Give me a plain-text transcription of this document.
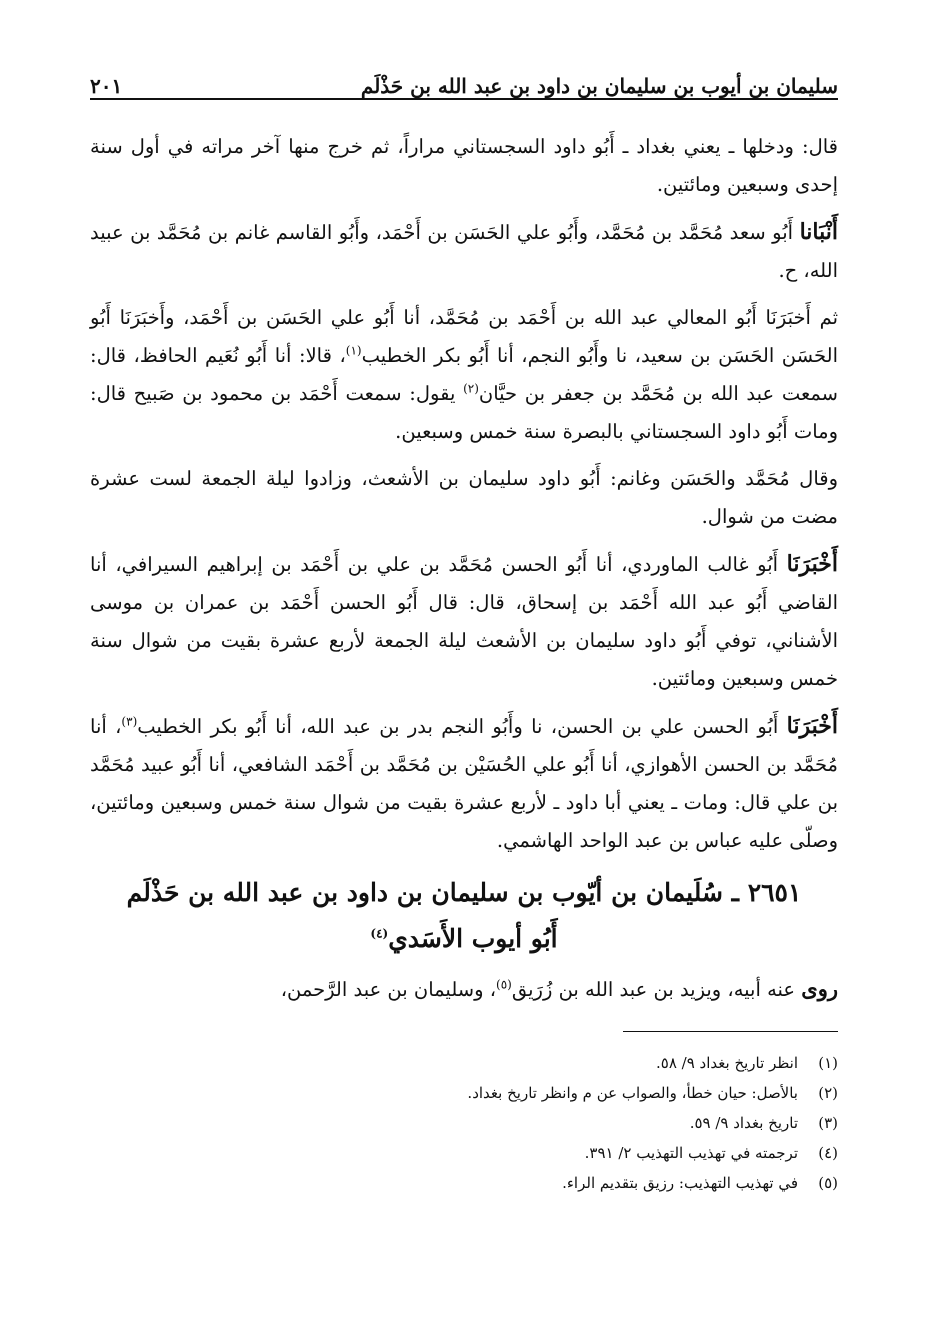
سليمان بن أيوب بن سليمان بن داود بن عبد الله بن حَذْلَم
٢٠١

قال: ودخلها ـ يعني بغداد ـ أَبُو داود السجستاني مراراً، ثم خرج منها آخر مراته في أول سنة إحدى وسبعين ومائتين.

أَنْبَانا أَبُو سعد مُحَمَّد بن مُحَمَّد، وأَبُو علي الحَسَن بن أَحْمَد، وأَبُو القاسم غانم بن مُحَمَّد بن عبيد الله، ح.

ثم أَخبَرَنَا أَبُو المعالي عبد الله بن أَحْمَد بن مُحَمَّد، أنا أَبُو علي الحَسَن بن أَحْمَد، وأَخبَرَنَا أَبُو الحَسَن الحَسَن بن سعيد، نا وأَبُو النجم، أنا أَبُو بكر الخطيب$^{(١)}$، قالا: أنا أَبُو نُعَيم الحافظ، قال: سمعت عبد الله بن مُحَمَّد بن جعفر بن حيَّان$^{(٢)}$ يقول: سمعت أَحْمَد بن محمود بن صَبيح قال: ومات أَبُو داود السجستاني بالبصرة سنة خمس وسبعين.

وقال مُحَمَّد والحَسَن وغانم: أَبُو داود سليمان بن الأشعث، وزادوا ليلة الجمعة لست عشرة مضت من شوال.

أَخْبَرَنَا أَبُو غالب الماوردي، أنا أَبُو الحسن مُحَمَّد بن علي بن أَحْمَد بن إبراهيم السيرافي، أنا القاضي أَبُو عبد الله أَحْمَد بن إسحاق، قال: قال أَبُو الحسن أَحْمَد بن عمران بن موسى الأشناني، توفي أَبُو داود سليمان بن الأشعث ليلة الجمعة لأربع عشرة بقيت من شوال سنة خمس وسبعين ومائتين.

أَخْبَرَنَا أَبُو الحسن علي بن الحسن، نا وأَبُو النجم بدر بن عبد الله، أنا أَبُو بكر الخطيب$^{(٣)}$، أنا مُحَمَّد بن الحسن الأهوازي، أنا أَبُو علي الحُسَيْن بن مُحَمَّد بن أَحْمَد الشافعي، أنا أَبُو عبيد مُحَمَّد بن علي قال: ومات ـ يعني أبا داود ـ لأربع عشرة بقيت من شوال سنة خمس وسبعين ومائتين، وصلّى عليه عباس بن عبد الواحد الهاشمي.

٢٦٥١ ـ سُلَيمان بن أيّوب بن سليمان بن داود بن عبد الله بن حَذْلَم
أَبُو أيوب الأَسَدي$^{(٤)}$

روى عنه أبيه، ويزيد بن عبد الله بن زُرَيق$^{(٥)}$، وسليمان بن عبد الرَّحمن،

(١)
انظر تاريخ بغداد ٩/ ٥٨.
(٢)
بالأصل: حيان خطأ، والصواب عن م وانظر تاريخ بغداد.
(٣)
تاريخ بغداد ٩/ ٥٩.
(٤)
ترجمته في تهذيب التهذيب ٢/ ٣٩١.
(٥)
في تهذيب التهذيب: رزيق بتقديم الراء.
